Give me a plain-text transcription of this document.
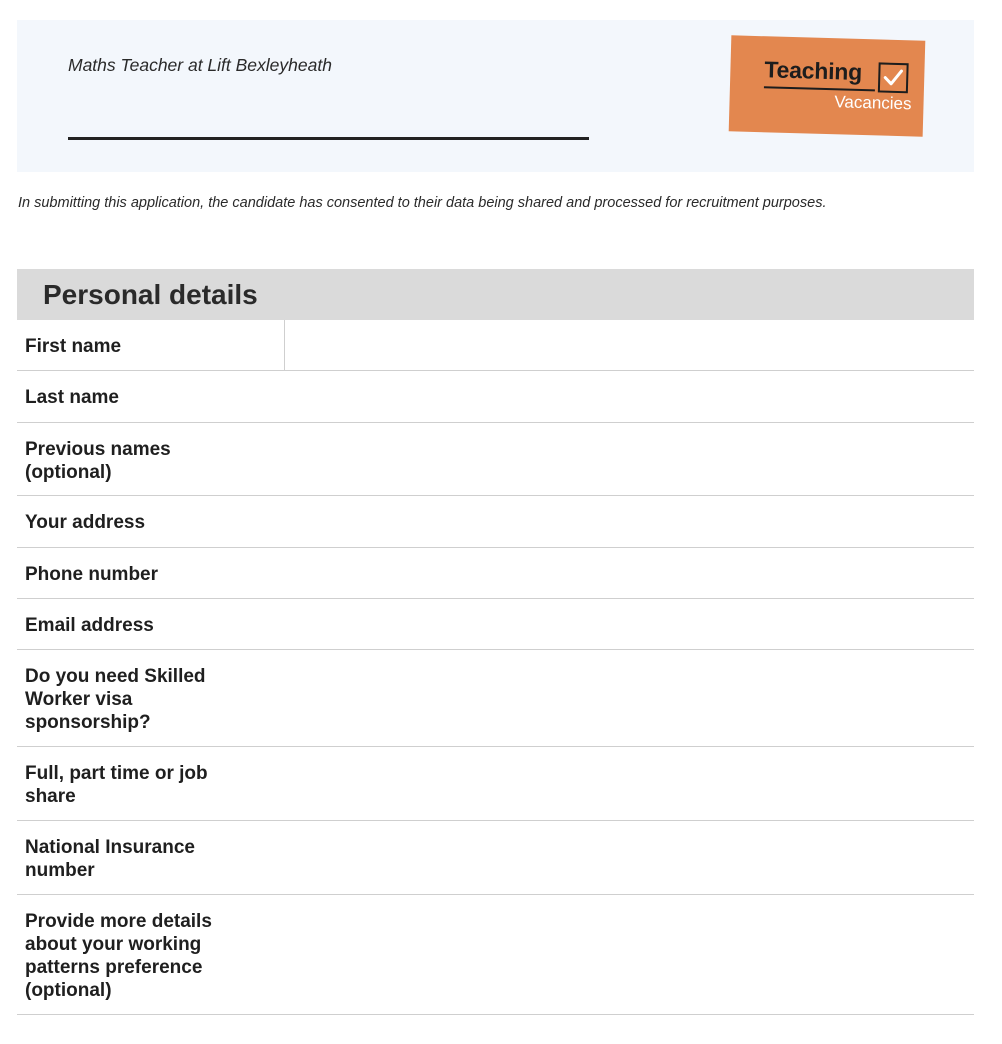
Maths Teacher at Lift Bexleyheath	Teaching
Vacancies
In submitting this application, the candidate has consented to their data being shared and processed for recruitment purposes.
Personal details
First name
Last name
Previous names (optional)
Your address
Phone number
Email address
Do you need Skilled Worker visa sponsorship?
Full, part time or job share
National Insurance number
Provide more details about your working patterns preference (optional)
